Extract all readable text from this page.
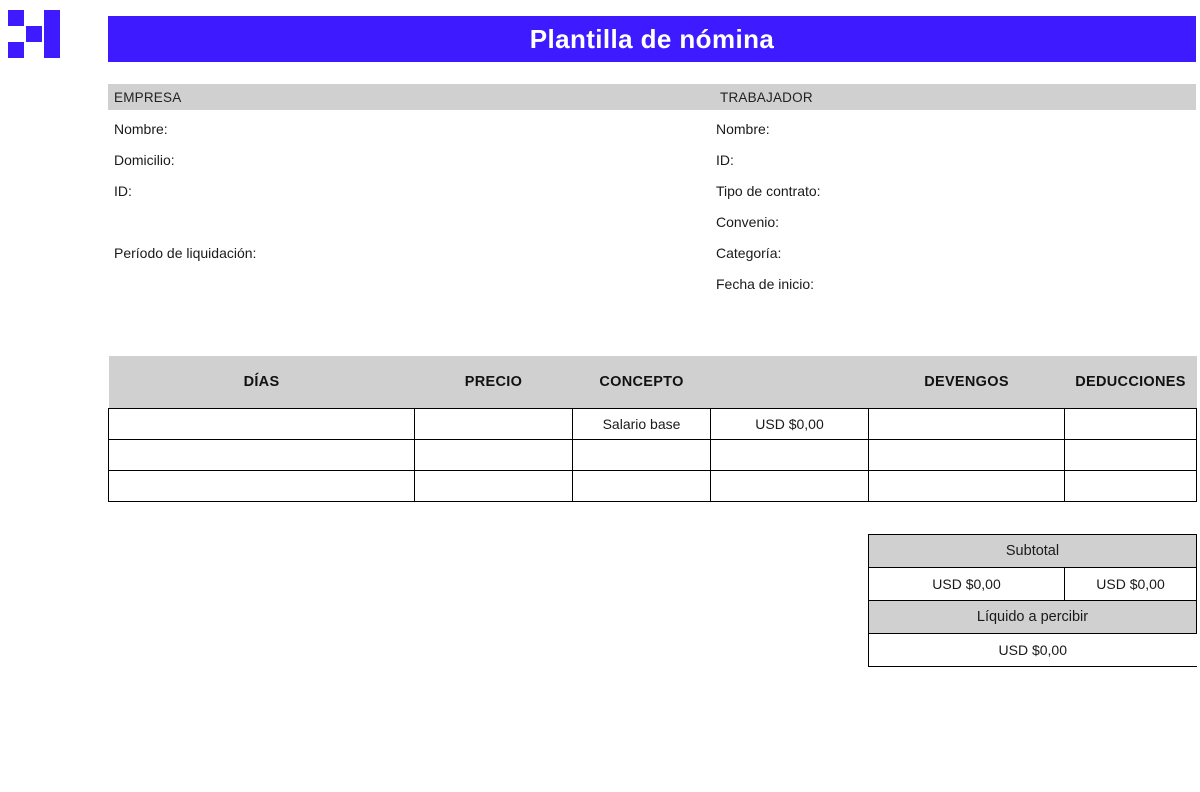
Plantilla de nómina
EMPRESA	TRABAJADOR
Nombre:
Domicilio:
ID:
Período de liquidación:
Nombre:
ID:
Tipo de contrato:
Convenio:
Categoría:
Fecha de inicio:
DÍAS	PRECIO	CONCEPTO		DEVENGOS	DEDUCCIONES
		Salario base	USD $0,00		

Subtotal
USD $0,00	USD $0,00
Líquido a percibir
USD $0,00
